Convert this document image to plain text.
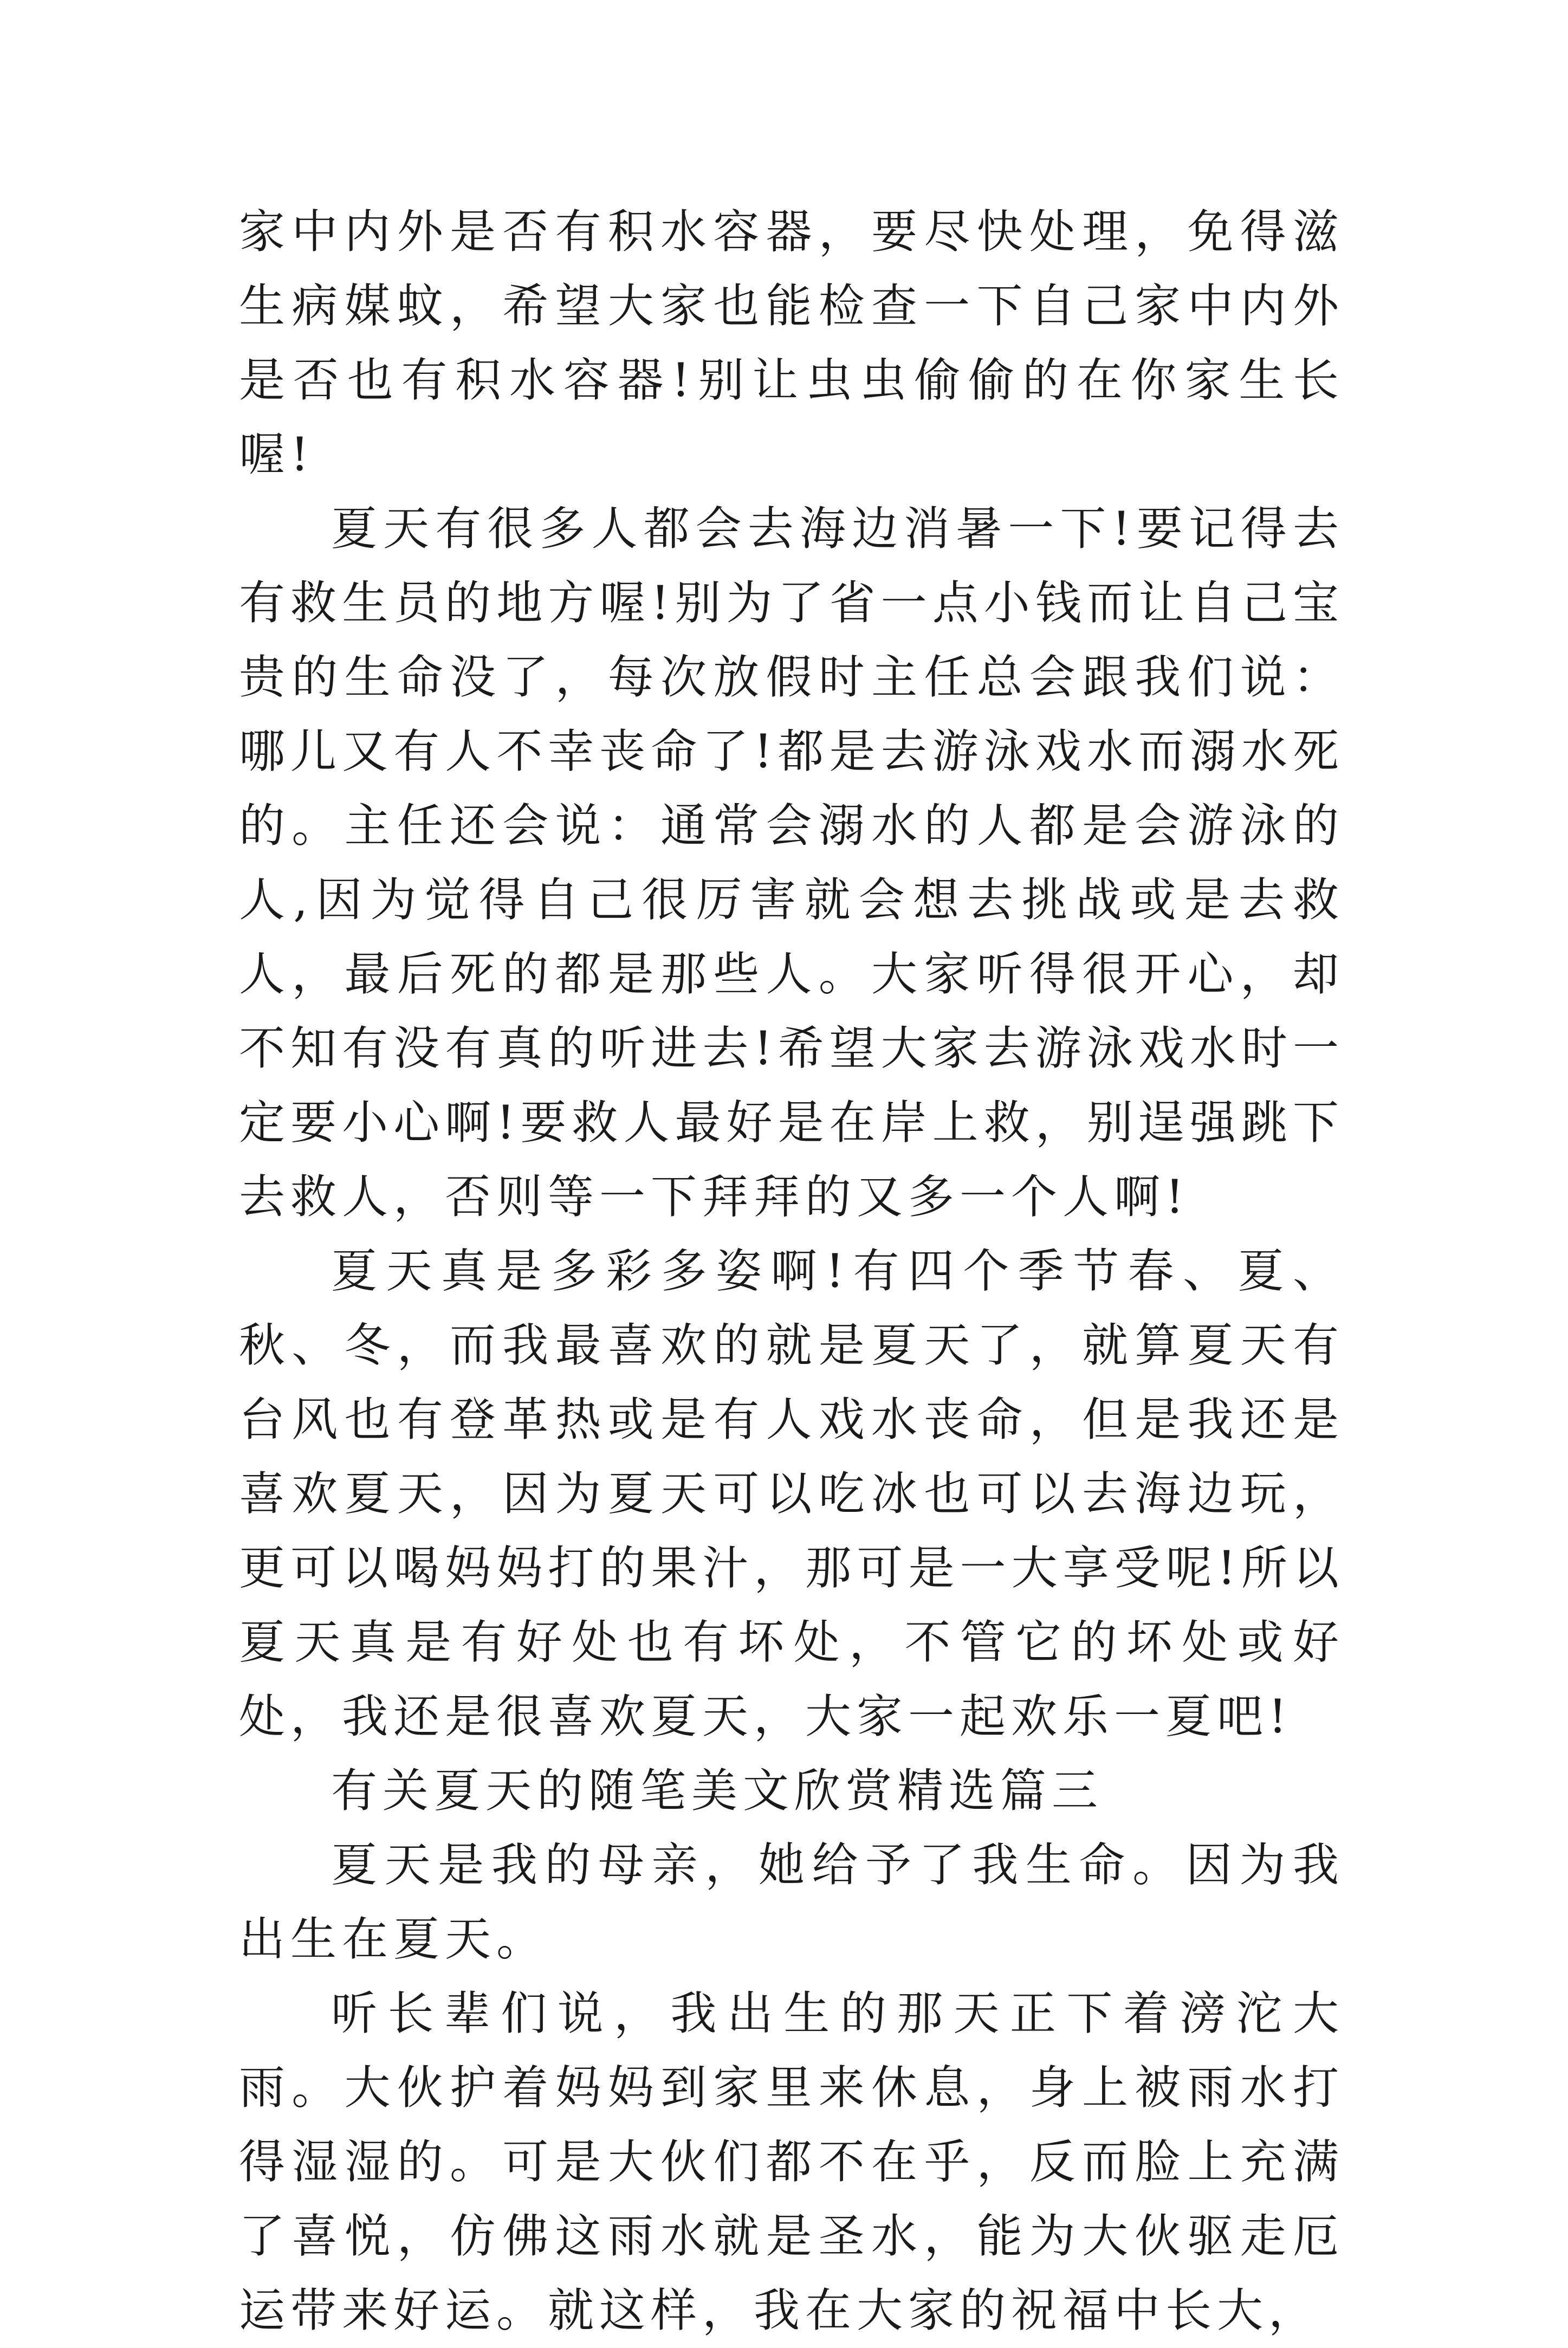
家中内外是否有积水容器，要尽快处理，免得滋生病媒蚊，希望大家也能检查一下自己家中内外是否也有积水容器!别让虫虫偷偷的在你家生长喔!

夏天有很多人都会去海边消暑一下!要记得去有救生员的地方喔!别为了省一点小钱而让自己宝贵的生命没了，每次放假时主任总会跟我们说：哪儿又有人不幸丧命了!都是去游泳戏水而溺水死的。主任还会说：通常会溺水的人都是会游泳的人,因为觉得自己很厉害就会想去挑战或是去救人，最后死的都是那些人。大家听得很开心，却不知有没有真的听进去!希望大家去游泳戏水时一定要小心啊!要救人最好是在岸上救，别逞强跳下去救人，否则等一下拜拜的又多一个人啊!

夏天真是多彩多姿啊!有四个季节春、夏、秋、冬，而我最喜欢的就是夏天了，就算夏天有台风也有登革热或是有人戏水丧命，但是我还是喜欢夏天，因为夏天可以吃冰也可以去海边玩，更可以喝妈妈打的果汁，那可是一大享受呢!所以夏天真是有好处也有坏处，不管它的坏处或好处，我还是很喜欢夏天，大家一起欢乐一夏吧!

有关夏天的随笔美文欣赏精选篇三

夏天是我的母亲，她给予了我生命。因为我出生在夏天。

听长辈们说，我出生的那天正下着滂沱大雨。大伙护着妈妈到家里来休息，身上被雨水打得湿湿的。可是大伙们都不在乎，反而脸上充满了喜悦，仿佛这雨水就是圣水，能为大伙驱走厄运带来好运。就这样，我在大家的祝福中长大，
